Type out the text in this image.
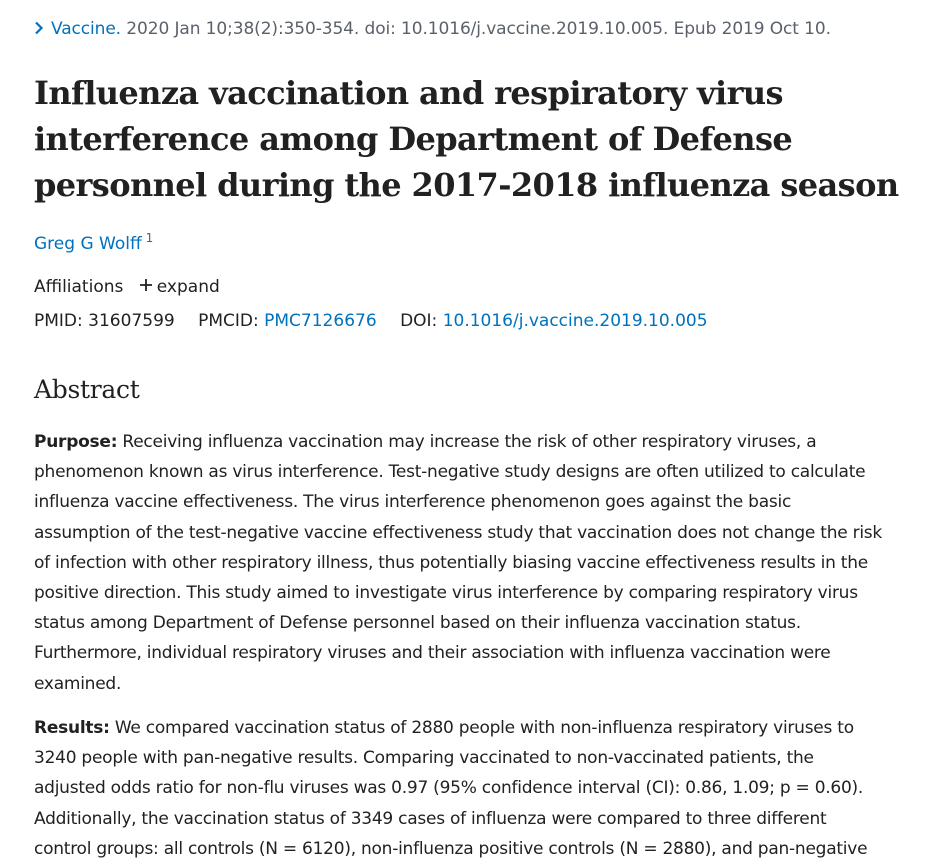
Vaccine. 2020 Jan 10;38(2):350-354. doi: 10.1016/j.vaccine.2019.10.005. Epub 2019 Oct 10.
Influenza vaccination and respiratory virus
interference among Department of Defense
personnel during the 2017-2018 influenza season
Greg G Wolff $^1$
Affiliations expand
PMID: 31607599 PMCID: PMC7126676 DOI: 10.1016/j.vaccine.2019.10.005
Abstract
Purpose: Receiving influenza vaccination may increase the risk of other respiratory viruses, a
phenomenon known as virus interference. Test-negative study designs are often utilized to calculate
influenza vaccine effectiveness. The virus interference phenomenon goes against the basic
assumption of the test-negative vaccine effectiveness study that vaccination does not change the risk
of infection with other respiratory illness, thus potentially biasing vaccine effectiveness results in the
positive direction. This study aimed to investigate virus interference by comparing respiratory virus
status among Department of Defense personnel based on their influenza vaccination status.
Furthermore, individual respiratory viruses and their association with influenza vaccination were
examined.
Results: We compared vaccination status of 2880 people with non-influenza respiratory viruses to
3240 people with pan-negative results. Comparing vaccinated to non-vaccinated patients, the
adjusted odds ratio for non-flu viruses was 0.97 (95% confidence interval (CI): 0.86, 1.09; p = 0.60).
Additionally, the vaccination status of 3349 cases of influenza were compared to three different
control groups: all controls (N = 6120), non-influenza positive controls (N = 2880), and pan-negative
